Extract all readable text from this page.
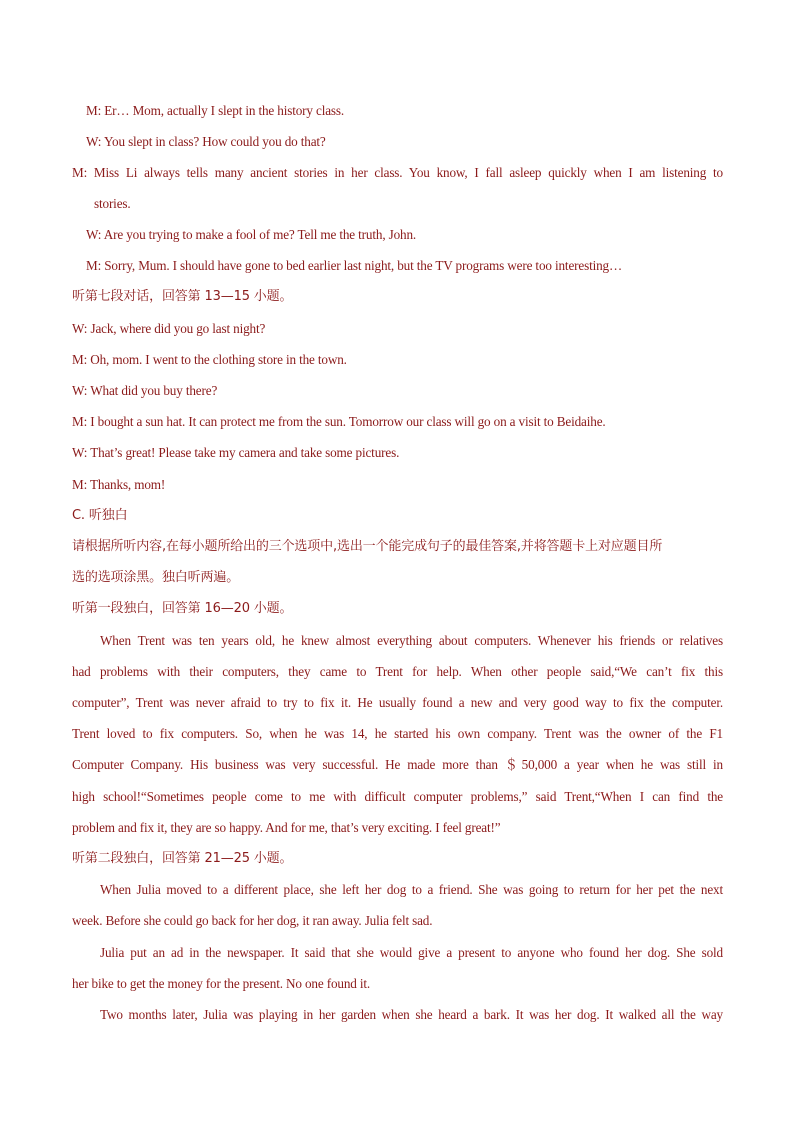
M: Er… Mom, actually I slept in the history class.
W: You slept in class? How could you do that?
M: Miss Li always tells many ancient stories in her class. You know, I fall asleep quickly when I am listening to
stories.
W: Are you trying to make a fool of me? Tell me the truth, John.
M: Sorry, Mum. I should have gone to bed earlier last night, but the TV programs were too interesting…
听第七段对话，回答第 13—15 小题。
W: Jack, where did you go last night?
M: Oh, mom. I went to the clothing store in the town.
W: What did you buy there?
M: I bought a sun hat. It can protect me from the sun. Tomorrow our class will go on a visit to Beidaihe.
W: That’s great! Please take my camera and take some pictures.
M: Thanks, mom!
C. 听独白
请根据所听内容,在每小题所给出的三个选项中,选出一个能完成句子的最佳答案,并将答题卡上对应题目所
选的选项涂黑。独白听两遍。
听第一段独白，回答第 16—20 小题。
When Trent was ten years old, he knew almost everything about computers. Whenever his friends or relatives
had problems with their computers, they came to Trent for help. When other people said,“We can’t fix this
computer”, Trent was never afraid to try to fix it. He usually found a new and very good way to fix the computer.
Trent loved to fix computers. So, when he was 14, he started his own company. Trent was the owner of the F1
Computer Company. His business was very successful. He made more than ＄50,000 a year when he was still in
high school!“Sometimes people come to me with difficult computer problems,” said Trent,“When I can find the
problem and fix it, they are so happy. And for me, that’s very exciting. I feel great!”
听第二段独白，回答第 21—25 小题。
When Julia moved to a different place, she left her dog to a friend. She was going to return for her pet the next
week. Before she could go back for her dog, it ran away. Julia felt sad.
Julia put an ad in the newspaper. It said that she would give a present to anyone who found her dog. She sold
her bike to get the money for the present. No one found it.
Two months later, Julia was playing in her garden when she heard a bark. It was her dog. It walked all the way
